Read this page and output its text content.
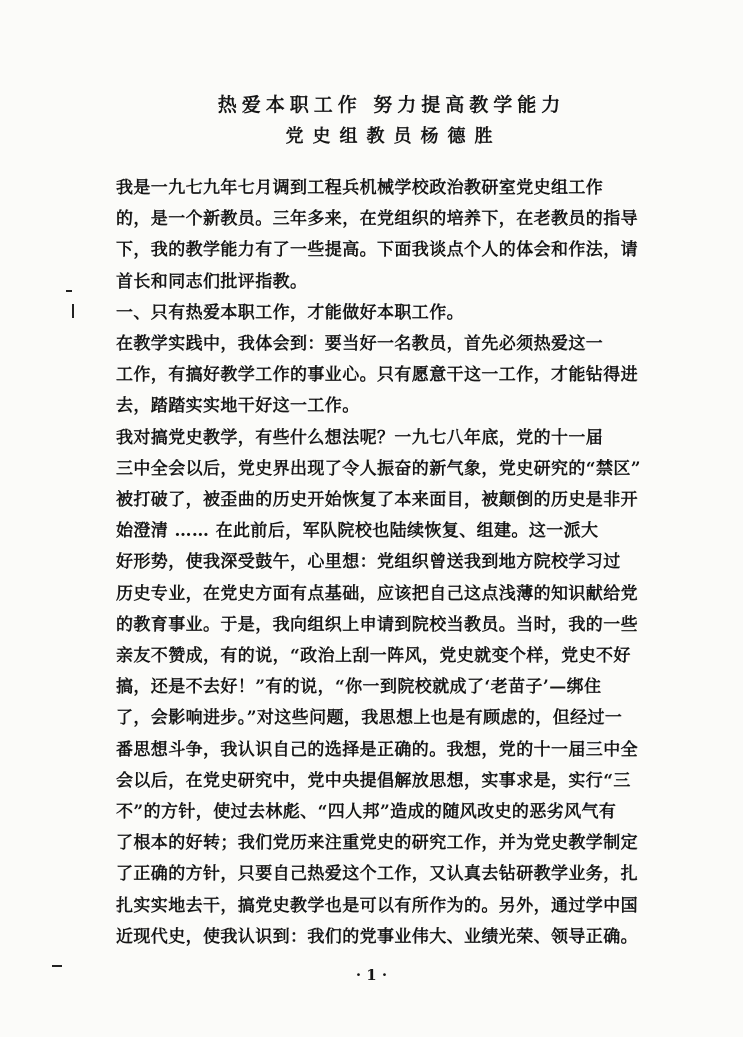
热爱本职工作 努力提高教学能力
党史组教员杨德胜
我是一九七九年七月调到工程兵机械学校政治教研室党史组工作
的，是一个新教员。三年多来，在党组织的培养下，在老教员的指导
下，我的教学能力有了一些提高。下面我谈点个人的体会和作法，请
首长和同志们批评指教。
一、只有热爱本职工作，才能做好本职工作。
在教学实践中，我体会到：要当好一名教员，首先必须热爱这一
工作，有搞好教学工作的事业心。只有愿意干这一工作，才能钻得进
去，踏踏实实地干好这一工作。
我对搞党史教学，有些什么想法呢？一九七八年底，党的十一届
三中全会以后，党史界出现了令人振奋的新气象，党史研究的“禁区”
被打破了，被歪曲的历史开始恢复了本来面目，被颠倒的历史是非开
始澄清 …… 在此前后，军队院校也陆续恢复、组建。这一派大
好形势，使我深受鼓午，心里想：党组织曾送我到地方院校学习过
历史专业，在党史方面有点基础，应该把自己这点浅薄的知识献给党
的教育事业。于是，我向组织上申请到院校当教员。当时，我的一些
亲友不赞成，有的说，“政治上刮一阵风，党史就变个样，党史不好
搞，还是不去好！”有的说，“你一到院校就成了‘老苗子’—绑住
了，会影响进步。”对这些问题，我思想上也是有顾虑的，但经过一
番思想斗争，我认识自己的选择是正确的。我想，党的十一届三中全
会以后，在党史研究中，党中央提倡解放思想，实事求是，实行“三
不”的方针，使过去林彪、“四人邦”造成的随风改史的恶劣风气有
了根本的好转；我们党历来注重党史的研究工作，并为党史教学制定
了正确的方针，只要自己热爱这个工作，又认真去钻研教学业务，扎
扎实实地去干，搞党史教学也是可以有所作为的。另外，通过学中国
近现代史，使我认识到：我们的党事业伟大、业绩光荣、领导正确。
· 1 ·
